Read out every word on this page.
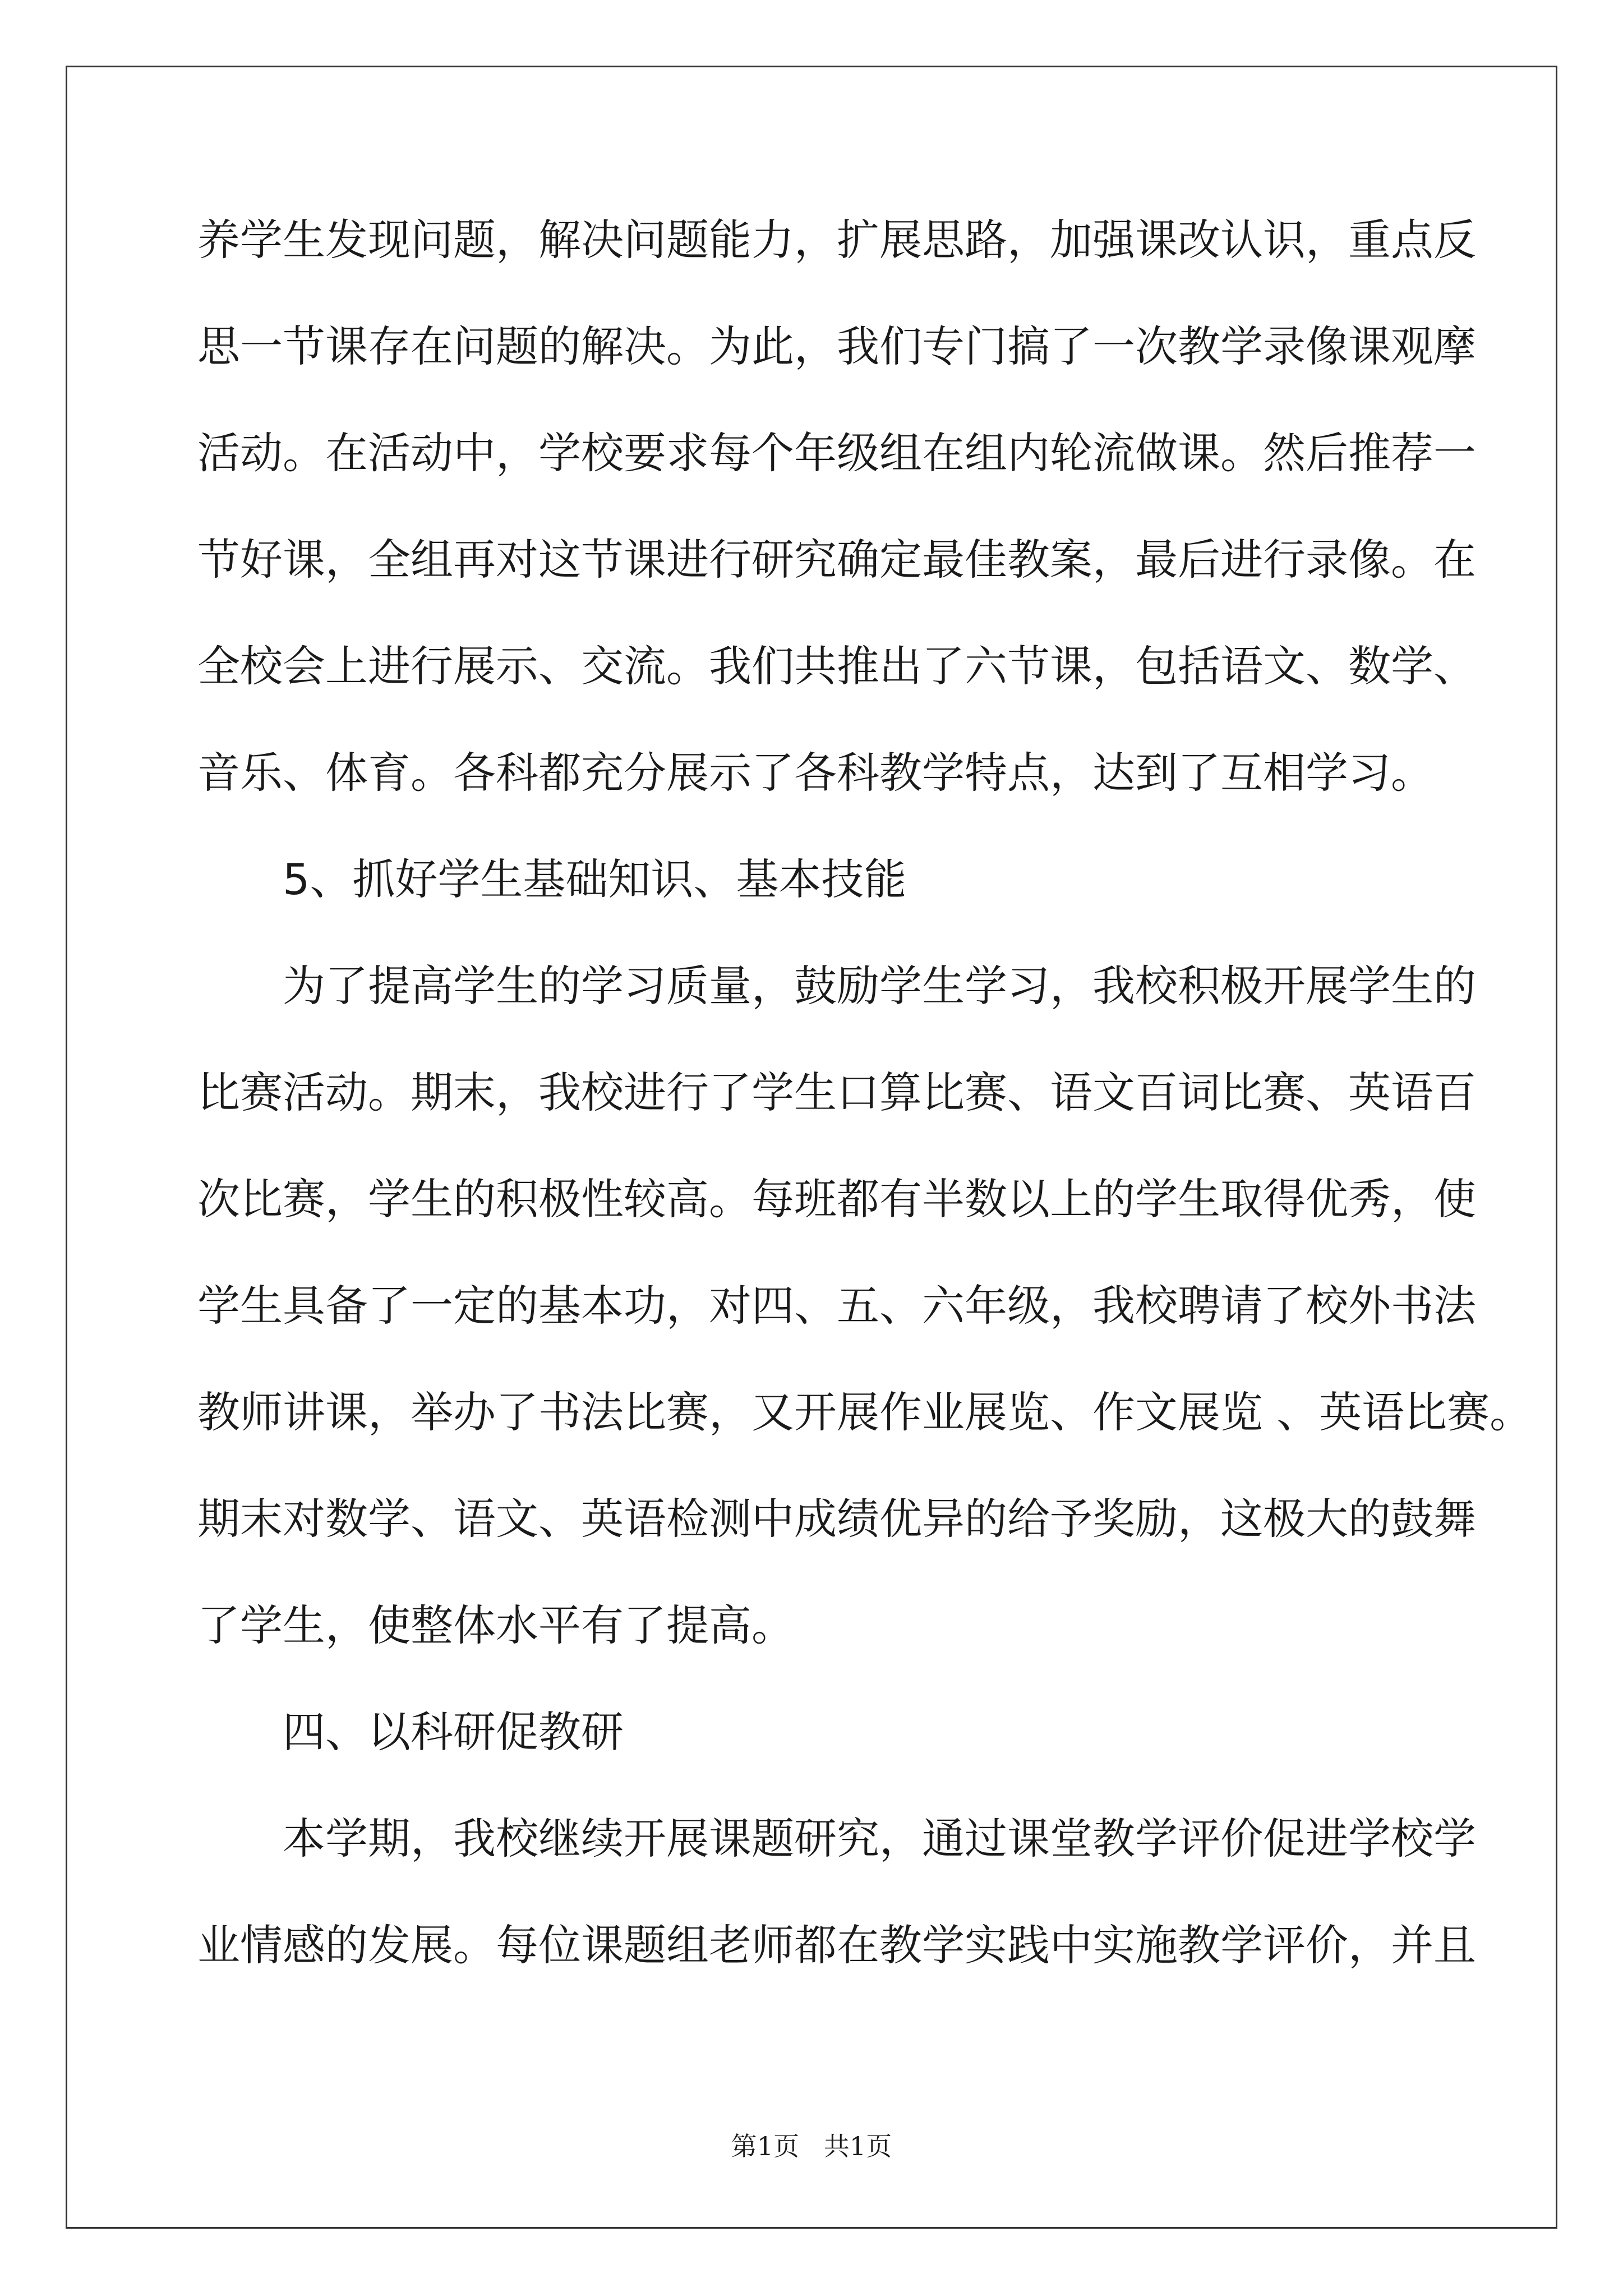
养学生发现问题，解决问题能力，扩展思路，加强课改认识，重点反
思一节课存在问题的解决。为此，我们专门搞了一次教学录像课观摩
活动。在活动中，学校要求每个年级组在组内轮流做课。然后推荐一
节好课，全组再对这节课进行研究确定最佳教案，最后进行录像。在
全校会上进行展示、交流。我们共推出了六节课，包括语文、数学、
音乐、体育。各科都充分展示了各科教学特点，达到了互相学习。
5、抓好学生基础知识、基本技能
为了提高学生的学习质量，鼓励学生学习，我校积极开展学生的
比赛活动。期末，我校进行了学生口算比赛、语文百词比赛、英语百
次比赛，学生的积极性较高。每班都有半数以上的学生取得优秀，使
学生具备了一定的基本功，对四、五、六年级，我校聘请了校外书法
教师讲课，举办了书法比赛，又开展作业展览、作文展览 、英语比赛。
期末对数学、语文、英语检测中成绩优异的给予奖励，这极大的鼓舞
了学生，使整体水平有了提高。
四、以科研促教研
本学期，我校继续开展课题研究，通过课堂教学评价促进学校学
业情感的发展。每位课题组老师都在教学实践中实施教学评价，并且
第1页   共1页
